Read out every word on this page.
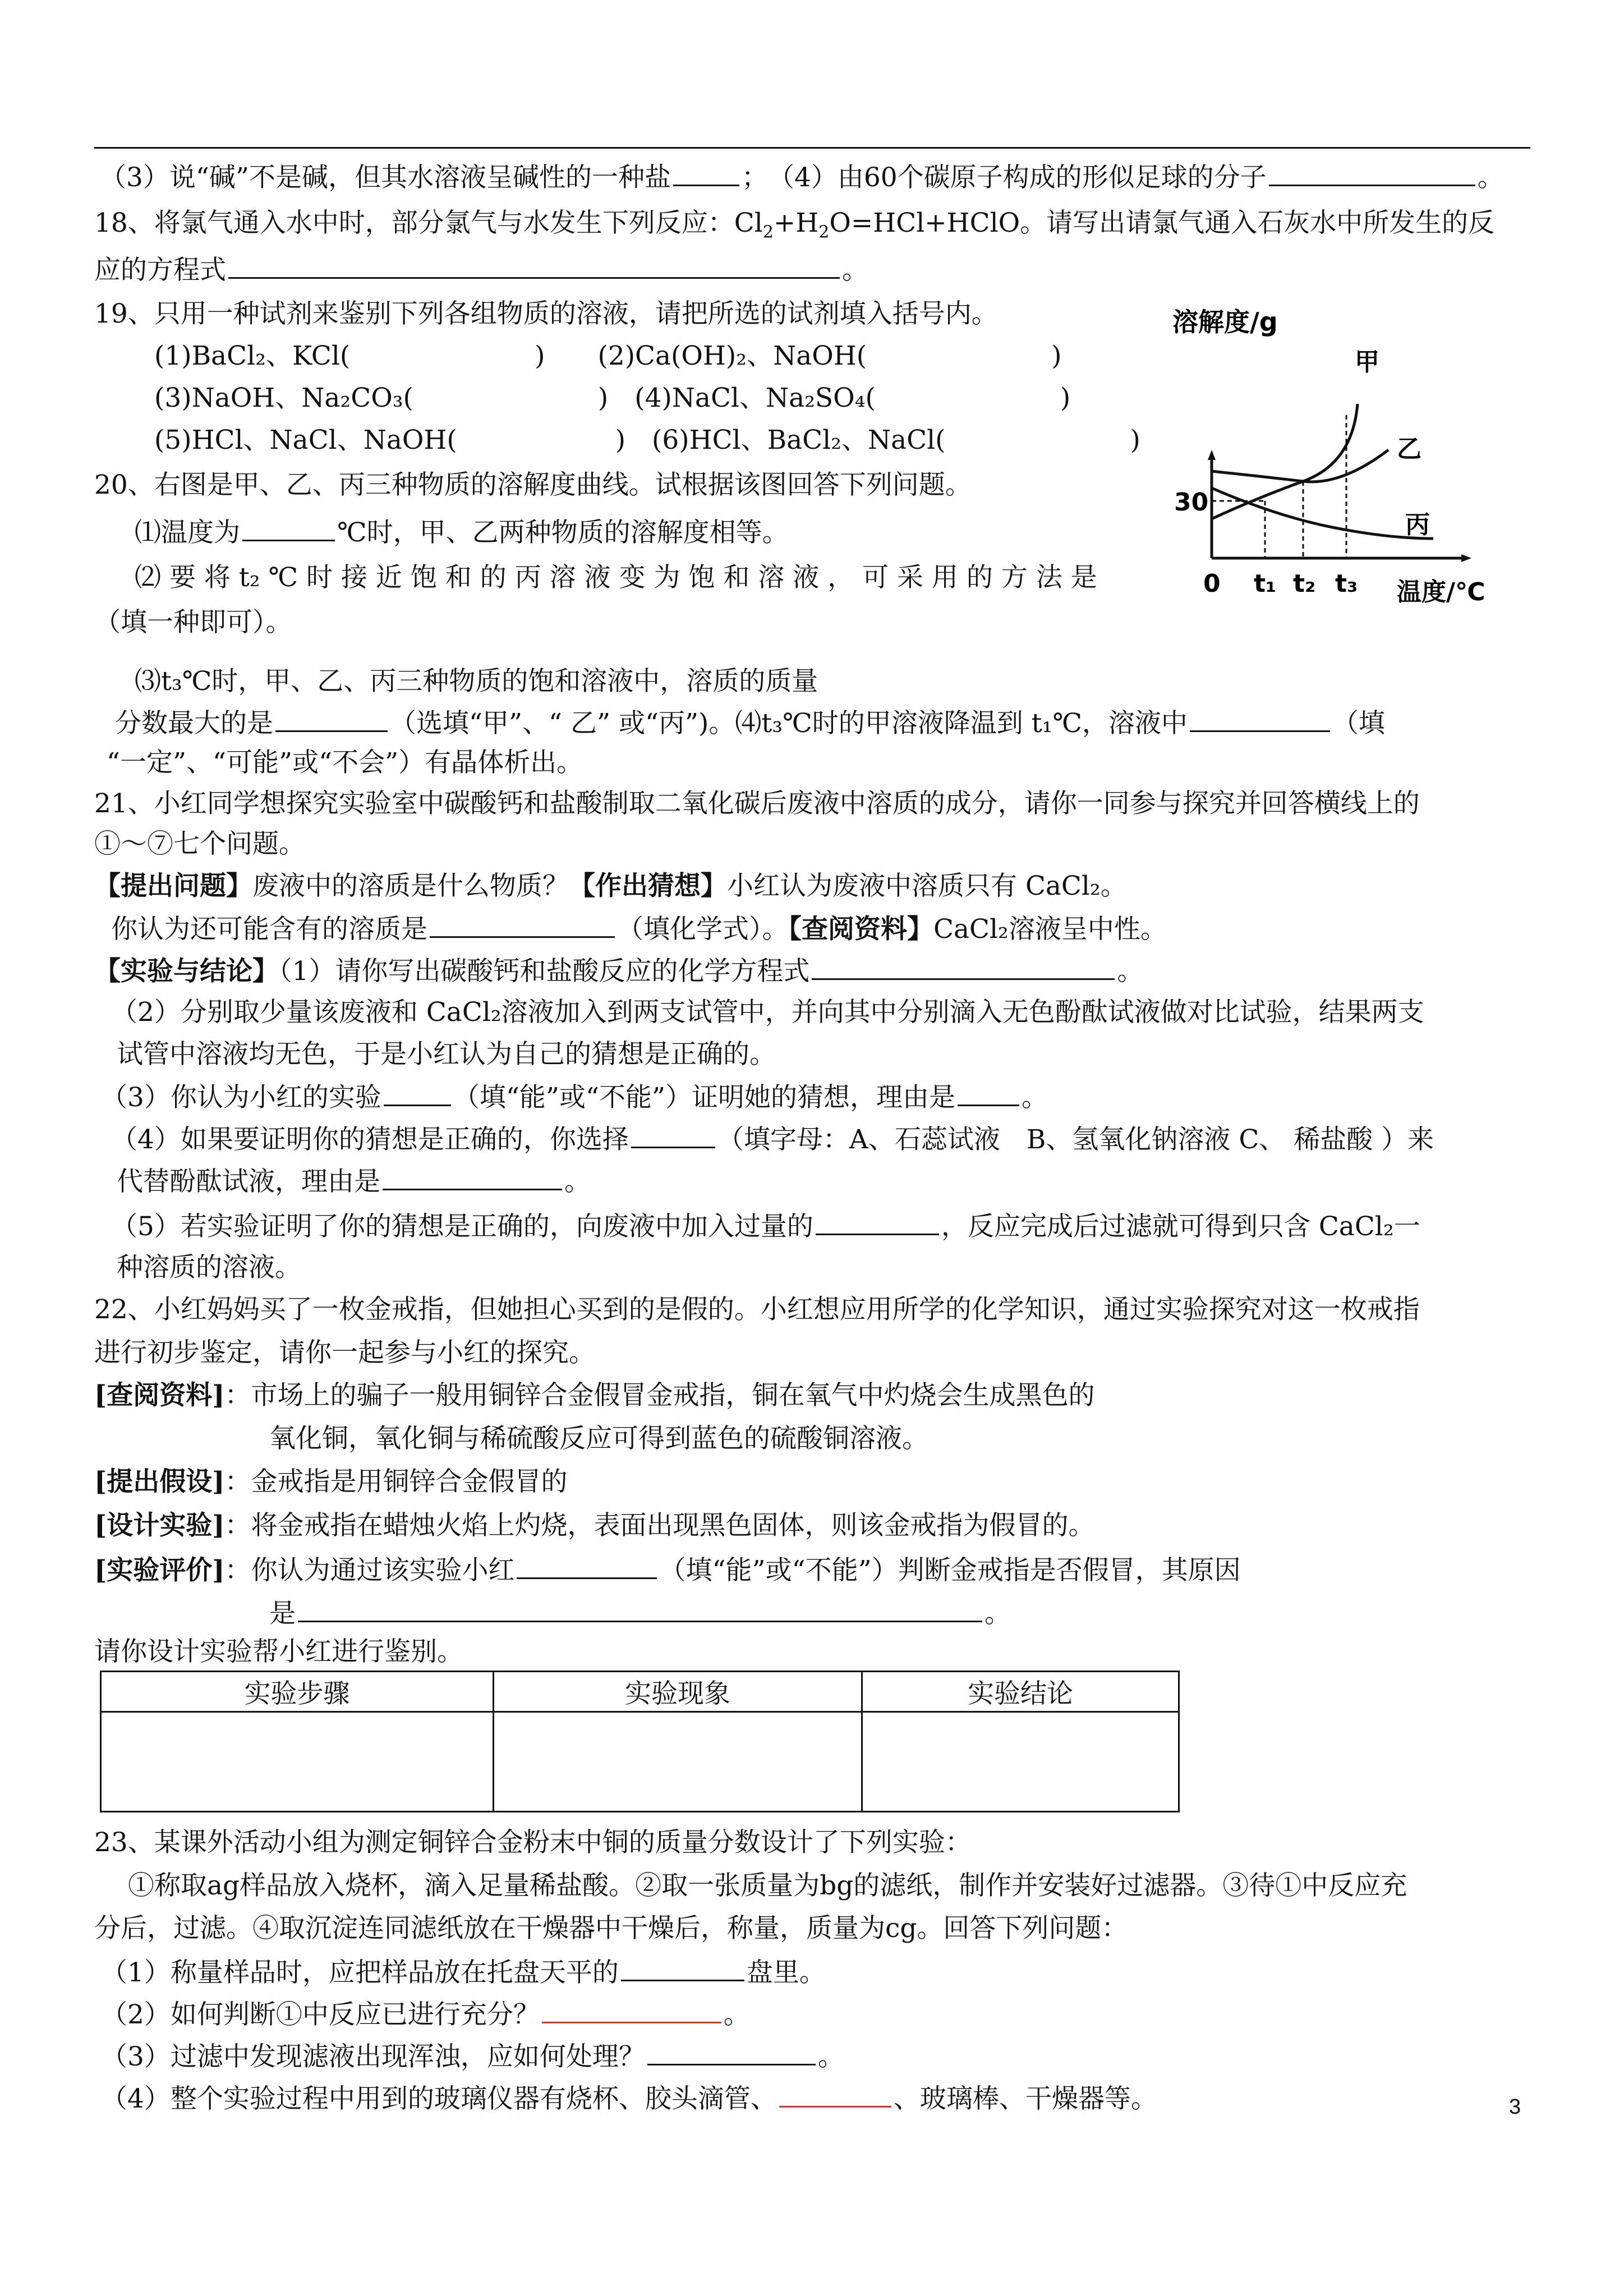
（3）说“碱”不是碱，但其水溶液呈碱性的一种盐	；　（4）由60个碳原子构成的形似足球的分子	。
18、将氯气通入水中时，部分氯气与水发生下列反应：$Cl_2+H_2O=HCl+HClO$。请写出请氯气通入石灰水中所发生的反
应的方程式	。
19、只用一种试剂来鉴别下列各组物质的溶液，请把所选的试剂填入括号内。
(1)BaCl₂、KCl(　　　　　　　)　　(2)Ca(OH)₂、NaOH(　　　　　　　)
(3)NaOH、Na₂CO₃(　　　　　　　)　(4)NaCl、Na₂SO₄(　　　　　　　)
(5)HCl、NaCl、NaOH(　　　　　　)　(6)HCl、BaCl₂、NaCl(　　　　　　　)
溶解度/g
甲
乙
丙
30
0 t₁ t₂ t₃ 温度/℃
20、右图是甲、乙、丙三种物质的溶解度曲线。试根据该图回答下列问题。
⑴温度为	℃时，甲、乙两种物质的溶解度相等。
⑵ 要 将 t₂ ℃ 时 接 近 饱 和 的 丙 溶 液 变 为 饱 和 溶 液 ， 可 采 用 的 方 法 是
（填一种即可）。
⑶t₃℃时，甲、乙、丙三种物质的饱和溶液中，溶质的质量
分数最大的是	（选填“甲”、“ 乙” 或“丙”)。⑷t₃℃时的甲溶液降温到 t₁℃，溶液中	（填
“一定”、“可能”或“不会”）有晶体析出。
21、小红同学想探究实验室中碳酸钙和盐酸制取二氧化碳后废液中溶质的成分，请你一同参与探究并回答横线上的
①～⑦七个问题。
【提出问题】废液中的溶质是什么物质？【作出猜想】小红认为废液中溶质只有 CaCl₂。
你认为还可能含有的溶质是	（填化学式）。【查阅资料】CaCl₂溶液呈中性。
【实验与结论】（1）请你写出碳酸钙和盐酸反应的化学方程式	。
（2）分别取少量该废液和 CaCl₂溶液加入到两支试管中，并向其中分别滴入无色酚酞试液做对比试验，结果两支
试管中溶液均无色，于是小红认为自己的猜想是正确的。
（3）你认为小红的实验	（填“能”或“不能”）证明她的猜想，理由是	。
（4）如果要证明你的猜想是正确的，你选择	（填字母：A、石蕊试液　B、氢氧化钠溶液 C、 稀盐酸 ）来
代替酚酞试液，理由是	。
（5）若实验证明了你的猜想是正确的，向废液中加入过量的	，反应完成后过滤就可得到只含 CaCl₂一
种溶质的溶液。
22、小红妈妈买了一枚金戒指，但她担心买到的是假的。小红想应用所学的化学知识，通过实验探究对这一枚戒指
进行初步鉴定，请你一起参与小红的探究。
[查阅资料]：市场上的骗子一般用铜锌合金假冒金戒指，铜在氧气中灼烧会生成黑色的
氧化铜，氧化铜与稀硫酸反应可得到蓝色的硫酸铜溶液。
[提出假设]：金戒指是用铜锌合金假冒的
[设计实验]：将金戒指在蜡烛火焰上灼烧，表面出现黑色固体，则该金戒指为假冒的。
[实验评价]：你认为通过该实验小红	（填“能”或“不能”）判断金戒指是否假冒，其原因
是	。
请你设计实验帮小红进行鉴别。
实验步骤	实验现象	实验结论

23、某课外活动小组为测定铜锌合金粉末中铜的质量分数设计了下列实验：
①称取ag样品放入烧杯，滴入足量稀盐酸。②取一张质量为bg的滤纸，制作并安装好过滤器。③待①中反应充
分后，过滤。④取沉淀连同滤纸放在干燥器中干燥后，称量，质量为cg。回答下列问题：
（1）称量样品时，应把样品放在托盘天平的	盘里。
（2）如何判断①中反应已进行充分？	。
（3）过滤中发现滤液出现浑浊，应如何处理？	。
（4）整个实验过程中用到的玻璃仪器有烧杯、胶头滴管、	、玻璃棒、干燥器等。	3
